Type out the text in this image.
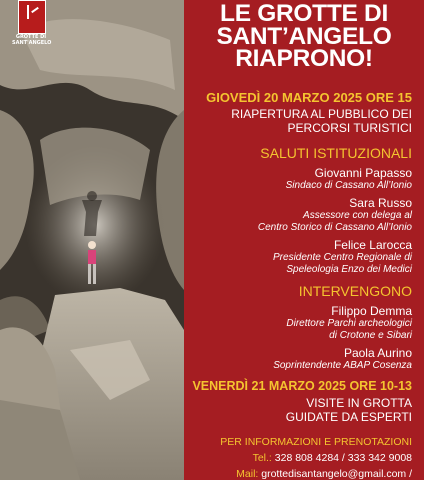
GROTTE DI
SANT'ANGELO
LE GROTTE DI
SANT’ANGELO
RIAPRONO!
GIOVEDÌ 20 MARZO 2025 ORE 15
RIAPERTURA AL PUBBLICO DEI
PERCORSI TURISTICI
SALUTI ISTITUZIONALI
Giovanni Papasso
Sindaco di Cassano All’Ionio
Sara Russo
Assessore con delega al
Centro Storico di Cassano All’Ionio
Felice Larocca
Presidente Centro Regionale di
Speleologia Enzo dei Medici
INTERVENGONO
Filippo Demma
Direttore Parchi archeologici
di Crotone e Sibari
Paola Aurino
Soprintendente ABAP Cosenza
VENERDÌ 21 MARZO 2025 ORE 10-13
VISITE IN GROTTA
GUIDATE DA ESPERTI
PER INFORMAZIONI E PRENOTAZIONI
Tel.: 328 808 4284 / 333 342 9008
Mail: grottedisantangelo@gmail.com /
